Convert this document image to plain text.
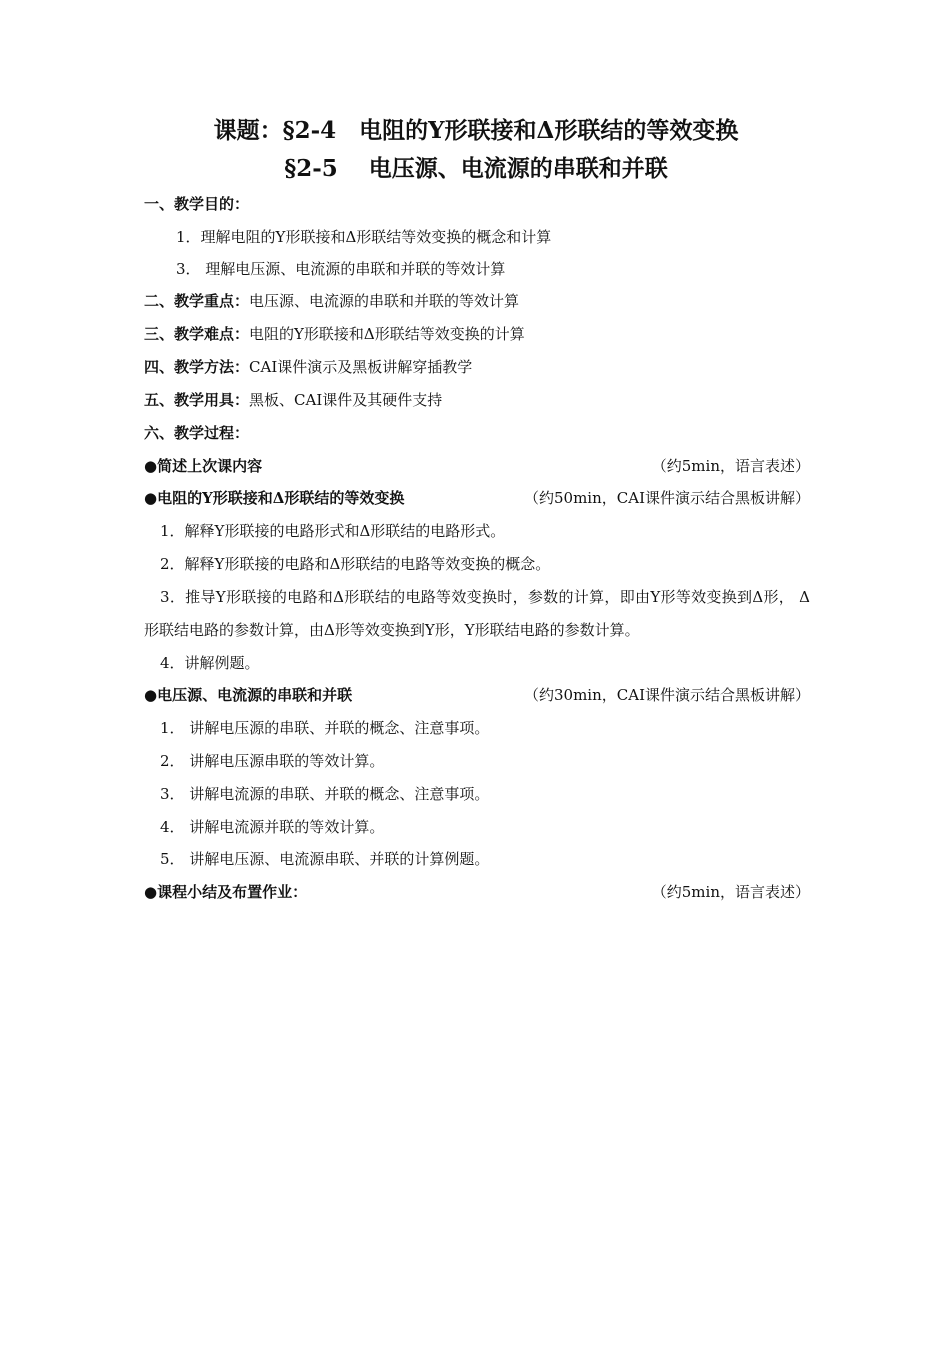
课题：§2-4　电阻的Y形联接和Δ形联结的等效变换
§2-5　 电压源、电流源的串联和并联
一、教学目的：
1．理解电阻的Y形联接和Δ形联结等效变换的概念和计算
3． 理解电压源、电流源的串联和并联的等效计算
二、教学重点：电压源、电流源的串联和并联的等效计算
三、教学难点：电阻的Y形联接和Δ形联结等效变换的计算
四、教学方法：CAI课件演示及黑板讲解穿插教学
五、教学用具：黑板、CAI课件及其硬件支持
六、教学过程：
●简述上次课内容	（约5min，语言表述）
●电阻的Y形联接和Δ形联结的等效变换	（约50min，CAI课件演示结合黑板讲解）
1．解释Y形联接的电路形式和Δ形联结的电路形式。
2．解释Y形联接的电路和Δ形联结的电路等效变换的概念。
3．推导Y形联接的电路和Δ形联结的电路等效变换时，参数的计算，即由Y形等效变换到Δ形， Δ形联结电路的参数计算，由Δ形等效变换到Y形，Y形联结电路的参数计算。
4．讲解例题。
●电压源、电流源的串联和并联	（约30min，CAI课件演示结合黑板讲解）
1． 讲解电压源的串联、并联的概念、注意事项。
2． 讲解电压源串联的等效计算。
3． 讲解电流源的串联、并联的概念、注意事项。
4． 讲解电流源并联的等效计算。
5． 讲解电压源、电流源串联、并联的计算例题。
●课程小结及布置作业：	（约5min，语言表述）
